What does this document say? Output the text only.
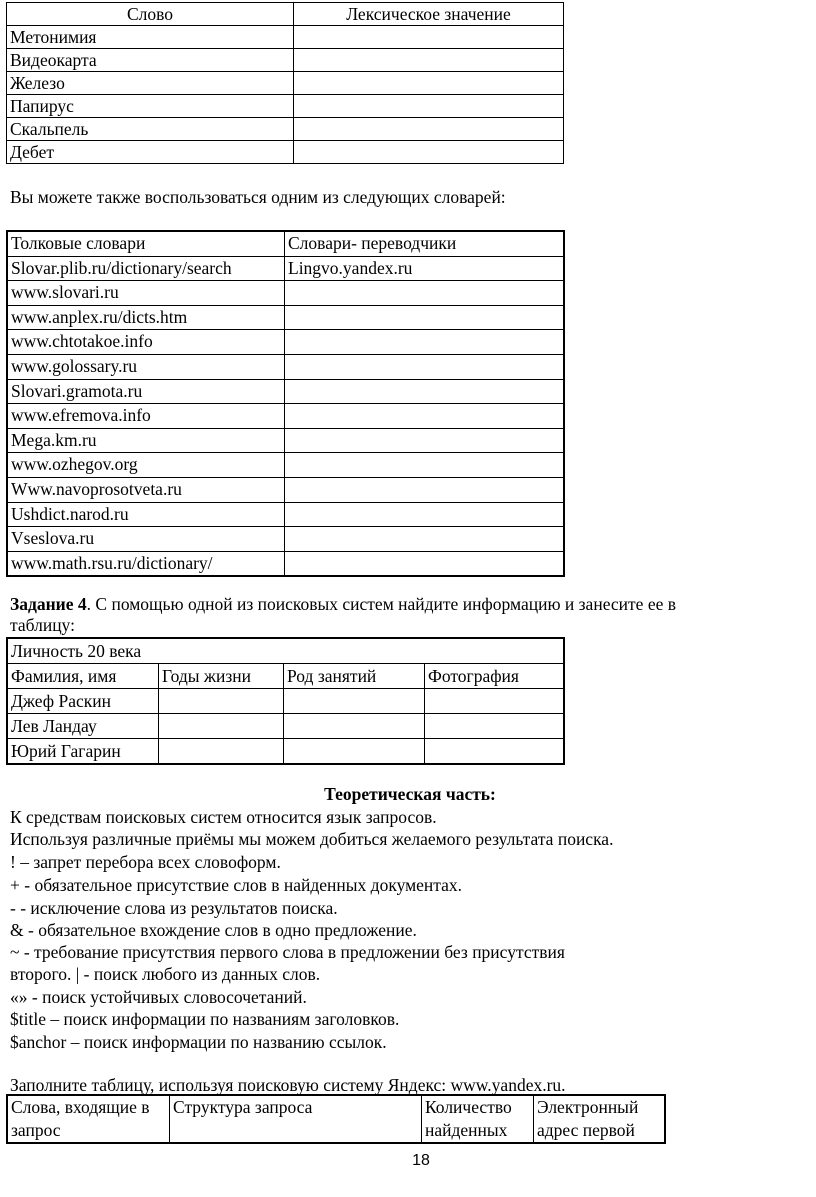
Слово	Лексическое значение
Метонимия	
Видеокарта	
Железо	
Папирус	
Скальпель	
Дебет	
Вы можете также воспользоваться одним из следующих словарей:
Толковые словари	Словари- переводчики
Slovar.plib.ru/dictionary/search	Lingvo.yandex.ru
www.slovari.ru	
www.anplex.ru/dicts.htm	
www.chtotakoe.info	
www.golossary.ru	
Slovari.gramota.ru	
www.efremova.info	
Mega.km.ru	
www.ozhegov.org	
Www.navoprosotveta.ru	
Ushdict.narod.ru	
Vseslova.ru	
www.math.rsu.ru/dictionary/	
Задание 4. С помощью одной из поисковых систем найдите информацию и занесите ее в
таблицу:
Личность 20 века			
Фамилия, имя	Годы жизни	Род занятий	Фотография
Джеф Раскин			
Лев Ландау			
Юрий Гагарин			
Теоретическая часть:
К средствам поисковых систем относится язык запросов.
Используя различные приёмы мы можем добиться желаемого результата поиска.
! – запрет перебора всех словоформ.
+ - обязательное присутствие слов в найденных документах.
- - исключение слова из результатов поиска.
& - обязательное вхождение слов в одно предложение.
~ - требование присутствия первого слова в предложении без присутствия
второго. | - поиск любого из данных слов.
«» - поиск устойчивых словосочетаний.
$title – поиск информации по названиям заголовков.
$anchor – поиск информации по названию ссылок.
Заполните таблицу, используя поисковую систему Яндекс: www.yandex.ru.
Слова, входящие в запрос	Структура запроса	Количество найденных	Электронный адрес первой
18
